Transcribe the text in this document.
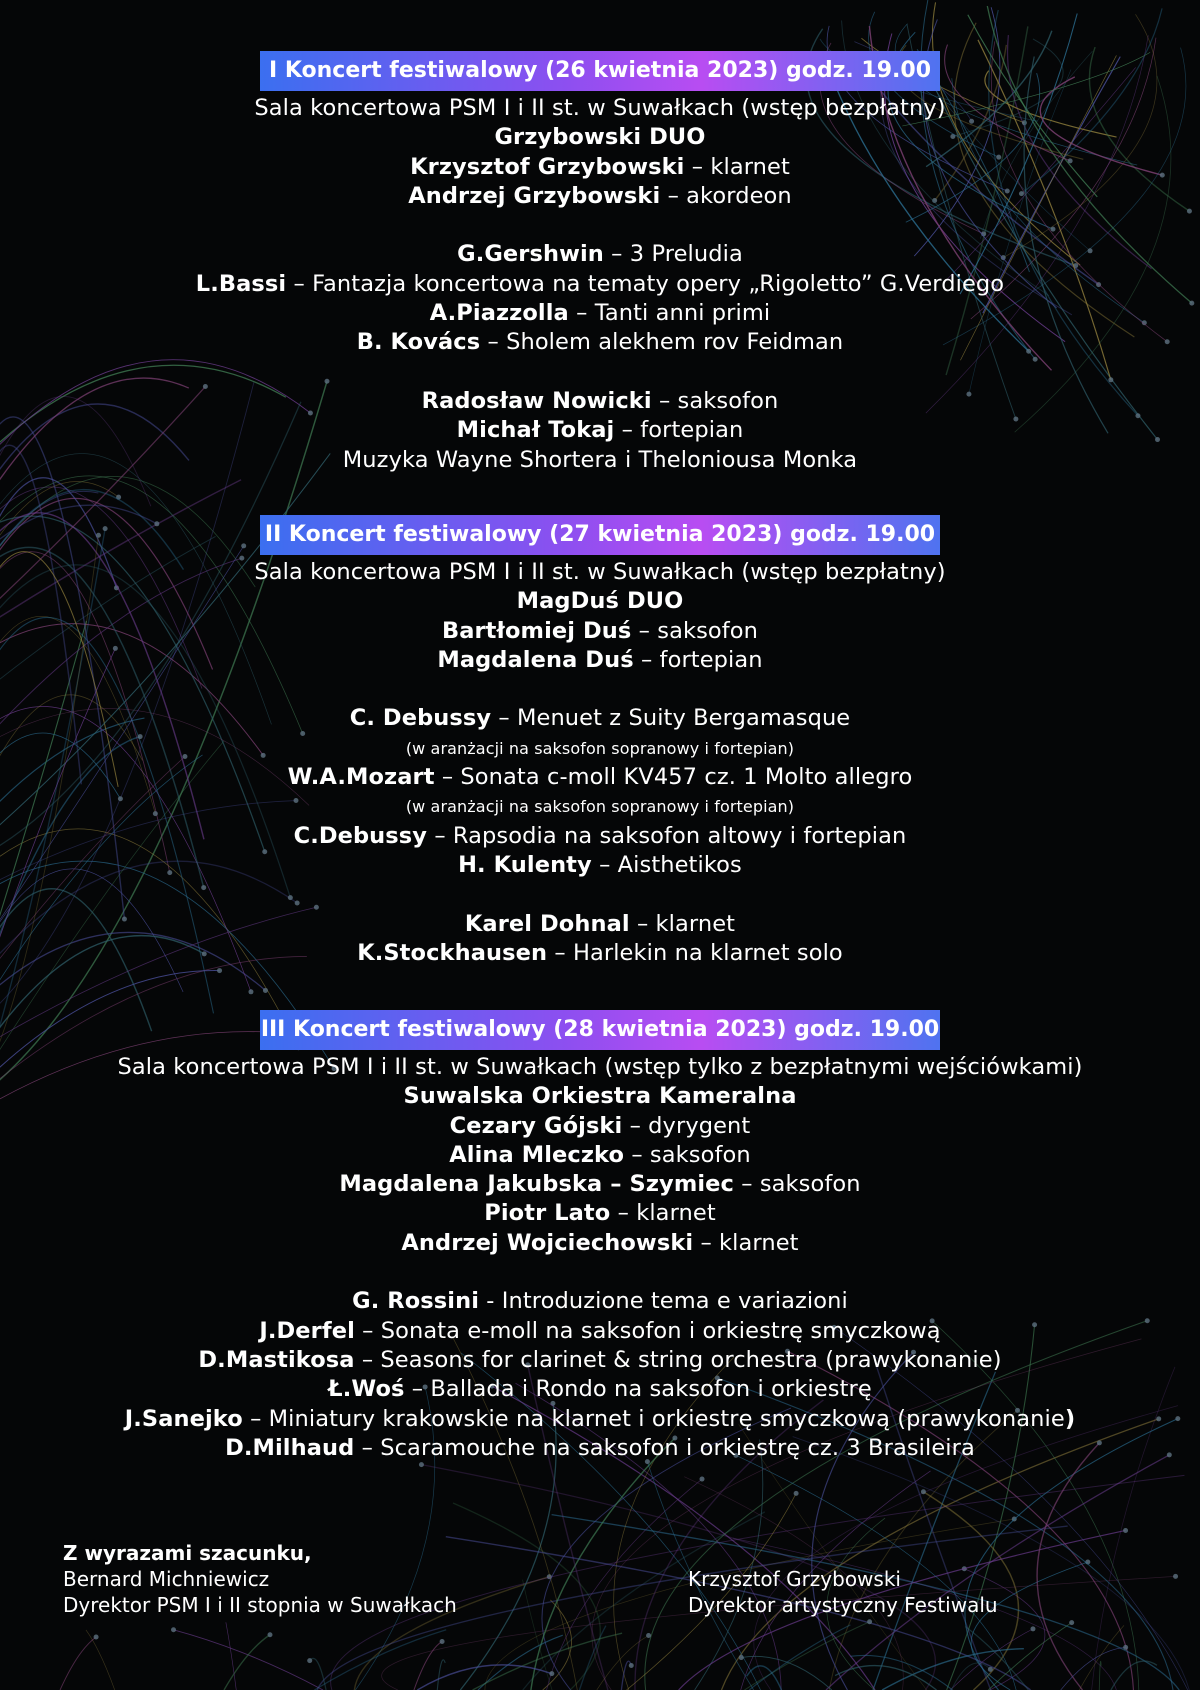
I Koncert festiwalowy (26 kwietnia 2023) godz. 19.00
Sala koncertowa PSM I i II st. w Suwałkach (wstęp bezpłatny)
Grzybowski DUO
Krzysztof Grzybowski – klarnet
Andrzej Grzybowski – akordeon
G.Gershwin – 3 Preludia
L.Bassi – Fantazja koncertowa na tematy opery „Rigoletto” G.Verdiego
A.Piazzolla – Tanti anni primi
B. Kovács – Sholem alekhem rov Feidman
Radosław Nowicki – saksofon
Michał Tokaj – fortepian
Muzyka Wayne Shortera i Theloniousa Monka
II Koncert festiwalowy (27 kwietnia 2023) godz. 19.00
Sala koncertowa PSM I i II st. w Suwałkach (wstęp bezpłatny)
MagDuś DUO
Bartłomiej Duś – saksofon
Magdalena Duś – fortepian
C. Debussy – Menuet z Suity Bergamasque
(w aranżacji na saksofon sopranowy i fortepian)
W.A.Mozart – Sonata c-moll KV457 cz. 1 Molto allegro
(w aranżacji na saksofon sopranowy i fortepian)
C.Debussy – Rapsodia na saksofon altowy i fortepian
H. Kulenty – Aisthetikos
Karel Dohnal – klarnet
K.Stockhausen – Harlekin na klarnet solo
III Koncert festiwalowy (28 kwietnia 2023) godz. 19.00
Sala koncertowa PSM I i II st. w Suwałkach (wstęp tylko z bezpłatnymi wejściówkami)
Suwalska Orkiestra Kameralna
Cezary Gójski – dyrygent
Alina Mleczko – saksofon
Magdalena Jakubska – Szymiec – saksofon
Piotr Lato – klarnet
Andrzej Wojciechowski – klarnet
G. Rossini - Introduzione tema e variazioni
J.Derfel – Sonata e-moll na saksofon i orkiestrę smyczkową
D.Mastikosa – Seasons for clarinet & string orchestra (prawykonanie)
Ł.Woś – Ballada i Rondo na saksofon i orkiestrę
J.Sanejko – Miniatury krakowskie na klarnet i orkiestrę smyczkową (prawykonanie)
D.Milhaud – Scaramouche na saksofon i orkiestrę cz. 3 Brasileira
Z wyrazami szacunku,
Bernard Michniewicz
Dyrektor PSM I i II stopnia w Suwałkach
Krzysztof Grzybowski
Dyrektor artystyczny Festiwalu
